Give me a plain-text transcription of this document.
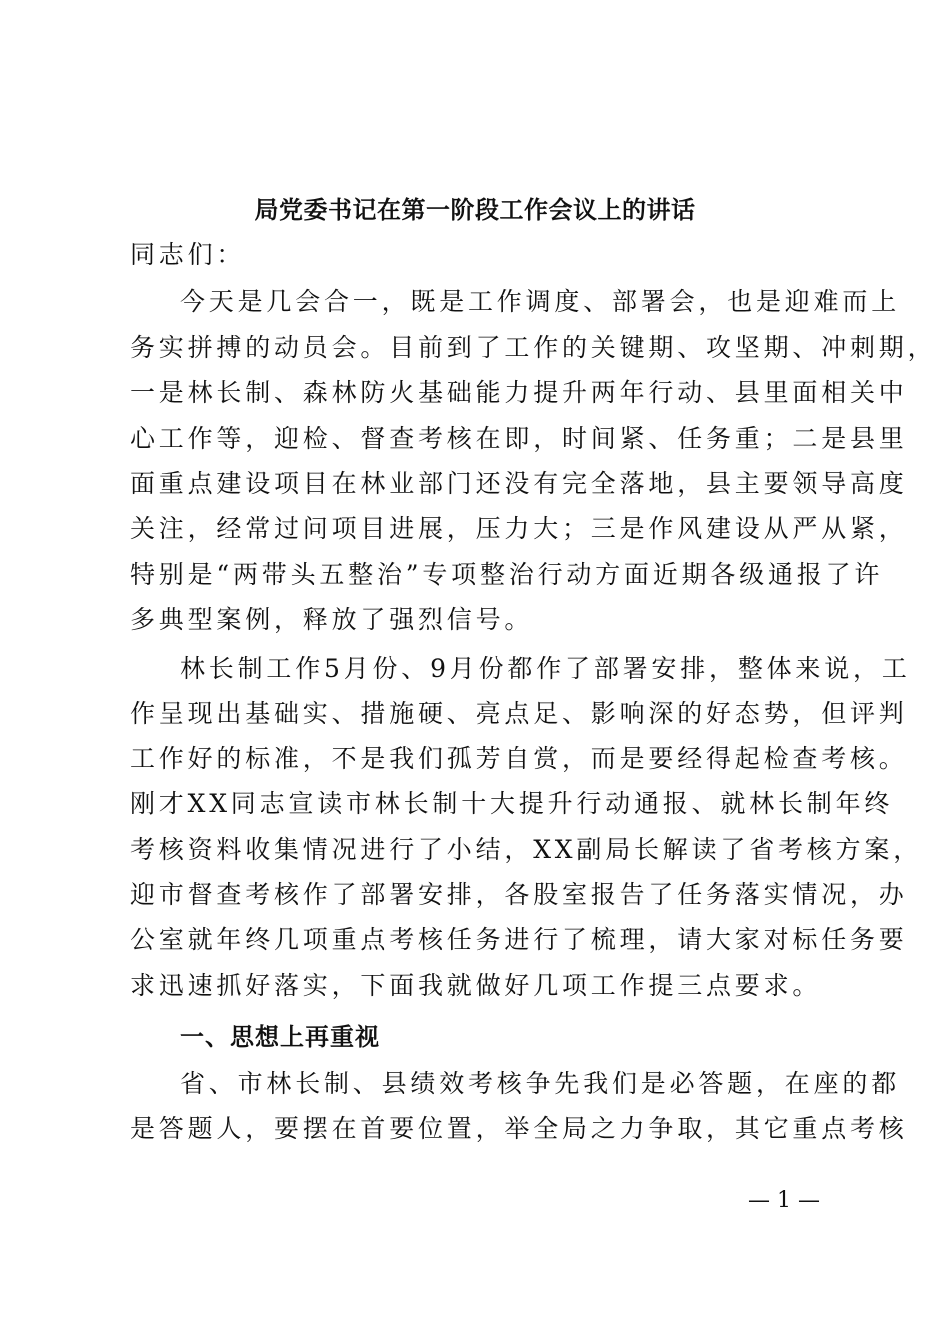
局党委书记在第一阶段工作会议上的讲话

同志们：

今天是几会合一，既是工作调度、部署会，也是迎难而上

务实拼搏的动员会。目前到了工作的关键期、攻坚期、冲刺期，

一是林长制、森林防火基础能力提升两年行动、县里面相关中

心工作等，迎检、督查考核在即，时间紧、任务重；二是县里

面重点建设项目在林业部门还没有完全落地，县主要领导高度

关注，经常过问项目进展，压力大；三是作风建设从严从紧，

特别是“两带头五整治”专项整治行动方面近期各级通报了许

多典型案例，释放了强烈信号。

林长制工作5月份、9月份都作了部署安排，整体来说，工

作呈现出基础实、措施硬、亮点足、影响深的好态势，但评判

工作好的标准，不是我们孤芳自赏，而是要经得起检查考核。

刚才XX同志宣读市林长制十大提升行动通报、就林长制年终

考核资料收集情况进行了小结，XX副局长解读了省考核方案，

迎市督查考核作了部署安排，各股室报告了任务落实情况，办

公室就年终几项重点考核任务进行了梳理，请大家对标任务要

求迅速抓好落实，下面我就做好几项工作提三点要求。

一、思想上再重视

省、市林长制、县绩效考核争先我们是必答题，在座的都

是答题人，要摆在首要位置，举全局之力争取，其它重点考核

— 1 —
